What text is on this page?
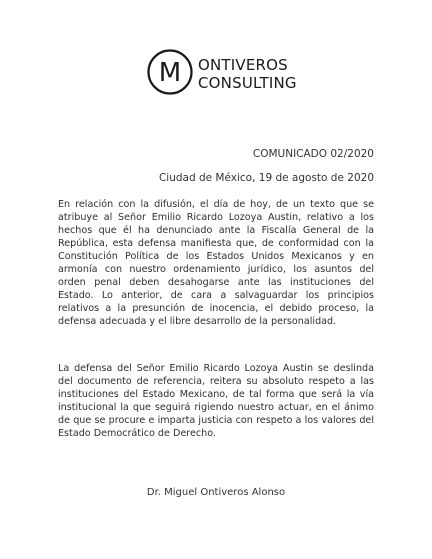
M ONTIVEROS
CONSULTING
COMUNICADO 02/2020
Ciudad de México, 19 de agosto de 2020

En relación con la difusión, el día de hoy, de un texto que se atribuye al Señor Emilio Ricardo Lozoya Austin, relativo a los hechos que él ha denunciado ante la Fiscalía General de la República, esta defensa manifiesta que, de conformidad con la Constitución Política de los Estados Unidos Mexicanos y en armonía con nuestro ordenamiento jurídico, los asuntos del orden penal deben desahogarse ante las instituciones del Estado. Lo anterior, de cara a salvaguardar los principios relativos a la presunción de inocencia, el debido proceso, la defensa adecuada y el libre desarrollo de la personalidad.

La defensa del Señor Emilio Ricardo Lozoya Austin se deslinda del documento de referencia, reitera su absoluto respeto a las instituciones del Estado Mexicano, de tal forma que será la vía institucional la que seguirá rigiendo nuestro actuar, en el ánimo de que se procure e imparta justicia con respeto a los valores del Estado Democrático de Derecho.

Dr. Miguel Ontiveros Alonso
